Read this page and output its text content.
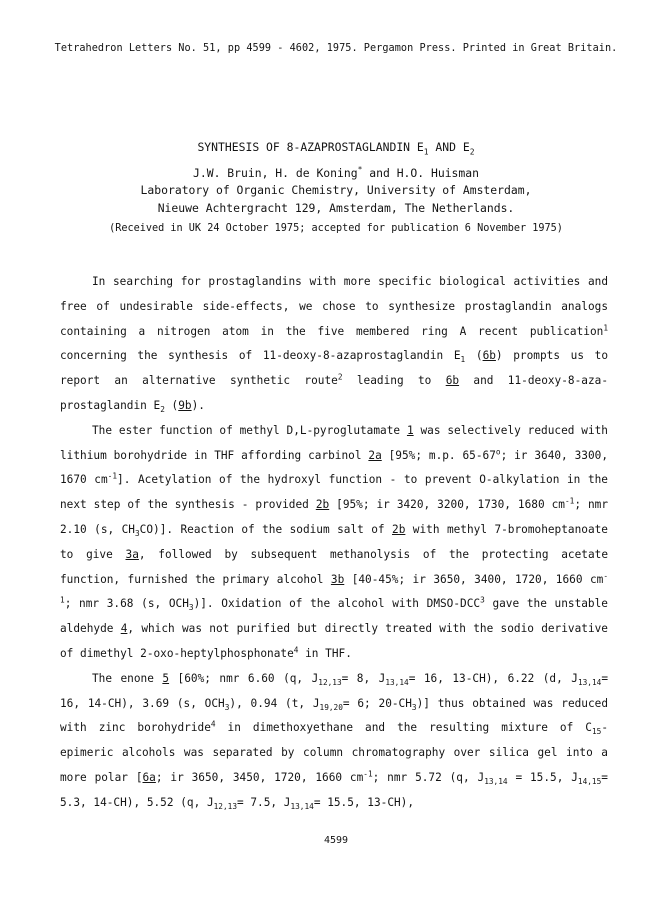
Tetrahedron Letters No. 51, pp 4599 - 4602, 1975. Pergamon Press. Printed in Great Britain.
SYNTHESIS OF 8-AZAPROSTAGLANDIN $E_1$ AND $E_2$
J.W. Bruin, H. de Koning* and H.O. Huisman
Laboratory of Organic Chemistry, University of Amsterdam,
Nieuwe Achtergracht 129, Amsterdam, The Netherlands.
(Received in UK 24 October 1975; accepted for publication 6 November 1975)

In searching for prostaglandins with more specific biological activities and free of undesirable side-effects, we chose to synthesize prostaglandin analogs containing a nitrogen atom in the five membered ring A recent publication$^1$ concerning the synthesis of 11-deoxy-8-azaprostaglandin $E_1$ (6b) prompts us to report an alternative synthetic route$^2$ leading to 6b and 11-deoxy-8-aza-prostaglandin $E_2$ (9b).

The ester function of methyl D,L-pyroglutamate 1 was selectively reduced with lithium borohydride in THF affording carbinol 2a [95%; m.p. 65-67$^o$; ir 3640, 3300, 1670 $cm^{-1}$]. Acetylation of the hydroxyl function - to prevent O-alkylation in the next step of the synthesis - provided 2b [95%; ir 3420, 3200, 1730, 1680 $cm^{-1}$; nmr 2.10 (s, $CH_3CO$)]. Reaction of the sodium salt of 2b with methyl 7-bromoheptanoate to give 3a, followed by subsequent methanolysis of the protecting acetate function, furnished the primary alcohol 3b [40-45%; ir 3650, 3400, 1720, 1660 $cm^{-1}$; nmr 3.68 (s, $OCH_3$)]. Oxidation of the alcohol with DMSO-DCC$^3$ gave the unstable aldehyde 4, which was not purified but directly treated with the sodio derivative of dimethyl 2-oxo-heptylphosphonate$^4$ in THF.

The enone 5 [60%; nmr 6.60 (q, $J_{12,13}= 8$, $J_{13,14}= 16$, 13-CH), 6.22 (d, $J_{13,14}= 16$, 14-CH), 3.69 (s, $OCH_3$), 0.94 (t, $J_{19,20}= 6$; $20-CH_3$)] thus obtained was reduced with zinc borohydride$^4$ in dimethoxyethane and the resulting mixture of $C_{15}$-epimeric alcohols was separated by column chromatography over silica gel into a more polar [6a; ir 3650, 3450, 1720, 1660 $cm^{-1}$; nmr 5.72 (q, $J_{13,14} = 15.5$, $J_{14,15}= 5.3$, 14-CH), 5.52 (q, $J_{12,13}= 7.5$, $J_{13,14}= 15.5$, 13-CH),

4599
